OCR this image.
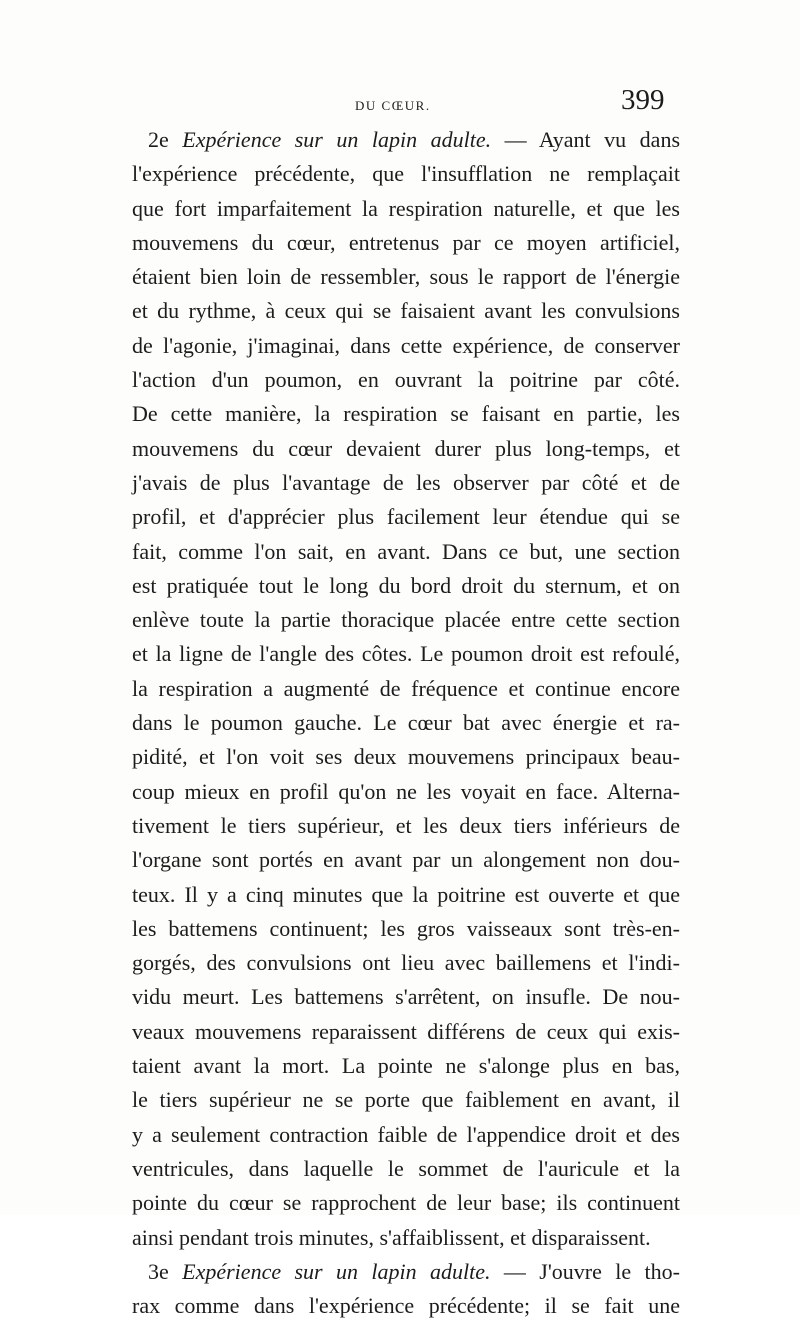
DU CŒUR.	399
2e Expérience sur un lapin adulte. — Ayant vu dans
l'expérience précédente, que l'insufflation ne remplaçait
que fort imparfaitement la respiration naturelle, et que les
mouvemens du cœur, entretenus par ce moyen artificiel,
étaient bien loin de ressembler, sous le rapport de l'énergie
et du rythme, à ceux qui se faisaient avant les convulsions
de l'agonie, j'imaginai, dans cette expérience, de conserver
l'action d'un poumon, en ouvrant la poitrine par côté.
De cette manière, la respiration se faisant en partie, les
mouvemens du cœur devaient durer plus long-temps, et
j'avais de plus l'avantage de les observer par côté et de
profil, et d'apprécier plus facilement leur étendue qui se
fait, comme l'on sait, en avant. Dans ce but, une section
est pratiquée tout le long du bord droit du sternum, et on
enlève toute la partie thoracique placée entre cette section
et la ligne de l'angle des côtes. Le poumon droit est refoulé,
la respiration a augmenté de fréquence et continue encore
dans le poumon gauche. Le cœur bat avec énergie et ra-
pidité, et l'on voit ses deux mouvemens principaux beau-
coup mieux en profil qu'on ne les voyait en face. Alterna-
tivement le tiers supérieur, et les deux tiers inférieurs de
l'organe sont portés en avant par un alongement non dou-
teux. Il y a cinq minutes que la poitrine est ouverte et que
les battemens continuent; les gros vaisseaux sont très-en-
gorgés, des convulsions ont lieu avec baillemens et l'indi-
vidu meurt. Les battemens s'arrêtent, on insufle. De nou-
veaux mouvemens reparaissent différens de ceux qui exis-
taient avant la mort. La pointe ne s'alonge plus en bas,
le tiers supérieur ne se porte que faiblement en avant, il
y a seulement contraction faible de l'appendice droit et des
ventricules, dans laquelle le sommet de l'auricule et la
pointe du cœur se rapprochent de leur base; ils continuent
ainsi pendant trois minutes, s'affaiblissent, et disparaissent.
3e Expérience sur un lapin adulte. — J'ouvre le tho-
rax comme dans l'expérience précédente; il se fait une
